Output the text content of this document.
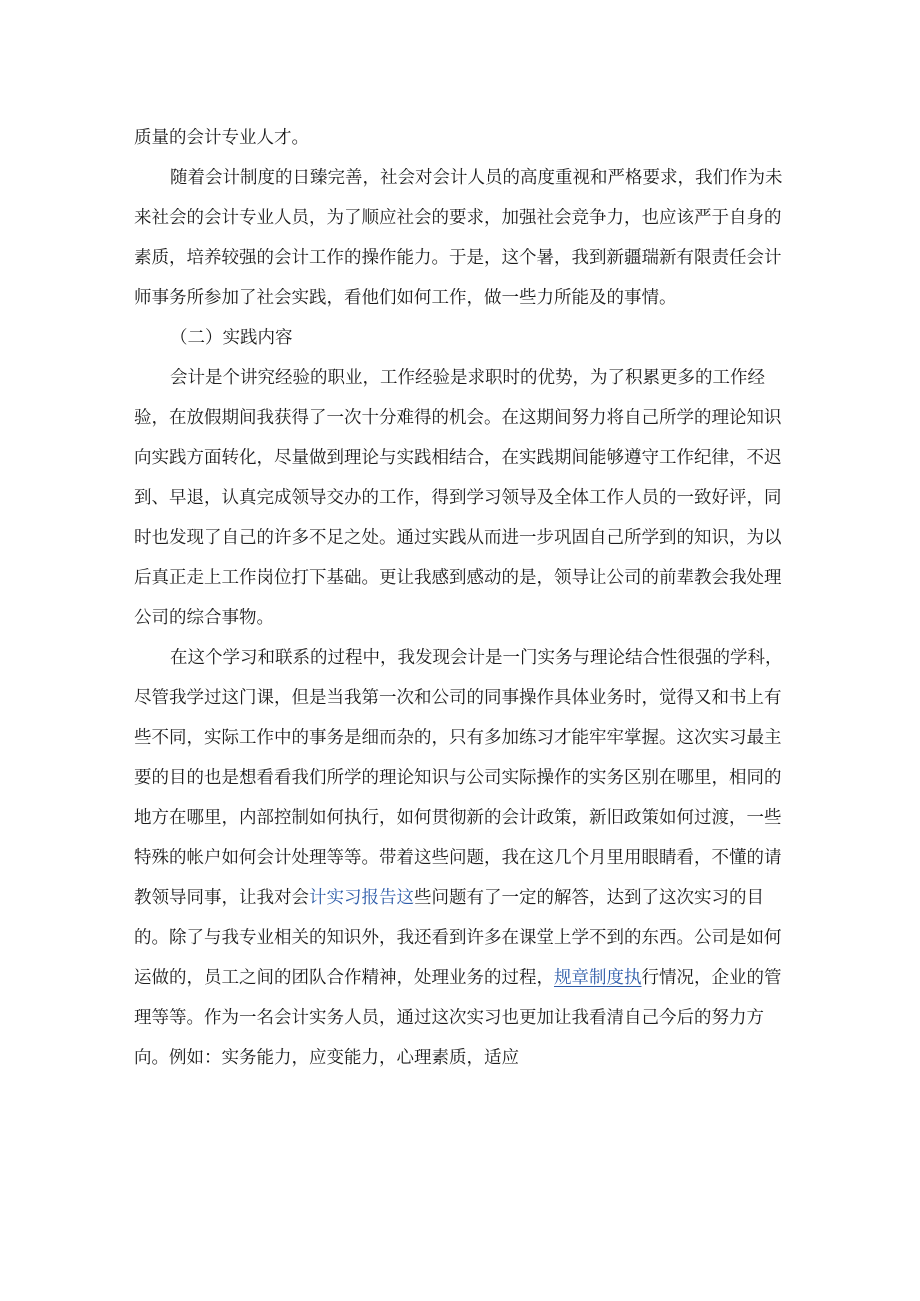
质量的会计专业人才。

随着会计制度的日臻完善，社会对会计人员的高度重视和严格要求，我们作为未来社会的会计专业人员，为了顺应社会的要求，加强社会竞争力，也应该严于自身的素质，培养较强的会计工作的操作能力。于是，这个暑，我到新疆瑞新有限责任会计师事务所参加了社会实践，看他们如何工作，做一些力所能及的事情。

（二）实践内容

会计是个讲究经验的职业，工作经验是求职时的优势，为了积累更多的工作经验，在放假期间我获得了一次十分难得的机会。在这期间努力将自己所学的理论知识向实践方面转化，尽量做到理论与实践相结合，在实践期间能够遵守工作纪律，不迟到、早退，认真完成领导交办的工作，得到学习领导及全体工作人员的一致好评，同时也发现了自己的许多不足之处。通过实践从而进一步巩固自己所学到的知识，为以后真正走上工作岗位打下基础。更让我感到感动的是，领导让公司的前辈教会我处理公司的综合事物。

在这个学习和联系的过程中，我发现会计是一门实务与理论结合性很强的学科，尽管我学过这门课，但是当我第一次和公司的同事操作具体业务时，觉得又和书上有些不同，实际工作中的事务是细而杂的，只有多加练习才能牢牢掌握。这次实习最主要的目的也是想看看我们所学的理论知识与公司实际操作的实务区别在哪里，相同的地方在哪里，内部控制如何执行，如何贯彻新的会计政策，新旧政策如何过渡，一些特殊的帐户如何会计处理等等。带着这些问题，我在这几个月里用眼睛看，不懂的请教领导同事，让我对会计实习报告这些问题有了一定的解答，达到了这次实习的目的。除了与我专业相关的知识外，我还看到许多在课堂上学不到的东西。公司是如何运做的，员工之间的团队合作精神，处理业务的过程，规章制度执行情况，企业的管理等等。作为一名会计实务人员，通过这次实习也更加让我看清自己今后的努力方向。例如：实务能力，应变能力，心理素质，适应
